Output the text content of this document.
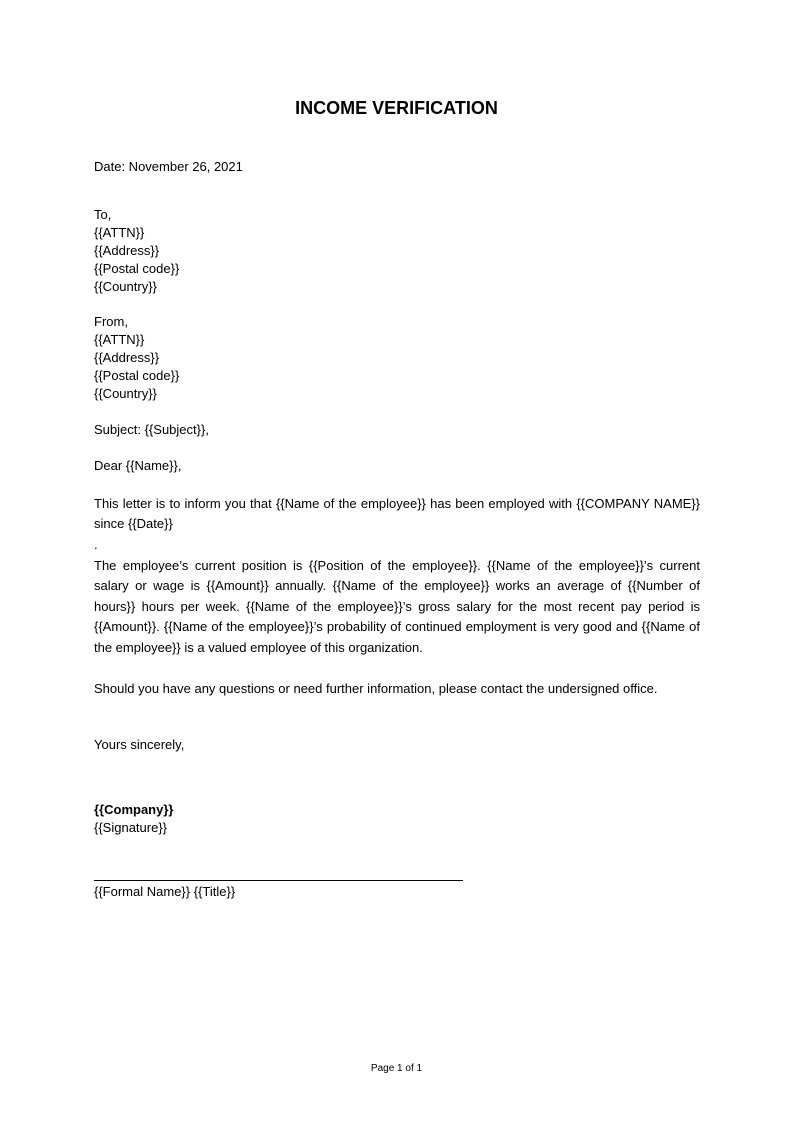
INCOME VERIFICATION
Date: November 26, 2021
To,
{{ATTN}}
{{Address}}
{{Postal code}}
{{Country}}
From,
{{ATTN}}
{{Address}}
{{Postal code}}
{{Country}}
Subject: {{Subject}},
Dear {{Name}},
This letter is to inform you that {{Name of the employee}} has been employed with {{COMPANY NAME}} since {{Date}}
.
The employee’s current position is {{Position of the employee}}. {{Name of the employee}}’s current salary or wage is {{Amount}} annually. {{Name of the employee}} works an average of {{Number of hours}} hours per week. {{Name of the employee}}’s gross salary for the most recent pay period is {{Amount}}. {{Name of the employee}}’s probability of continued employment is very good and {{Name of the employee}} is a valued employee of this organization.
Should you have any questions or need further information, please contact the undersigned office.
Yours sincerely,
{{Company}}
{{Signature}}
{{Formal Name}} {{Title}}
Page 1 of 1
